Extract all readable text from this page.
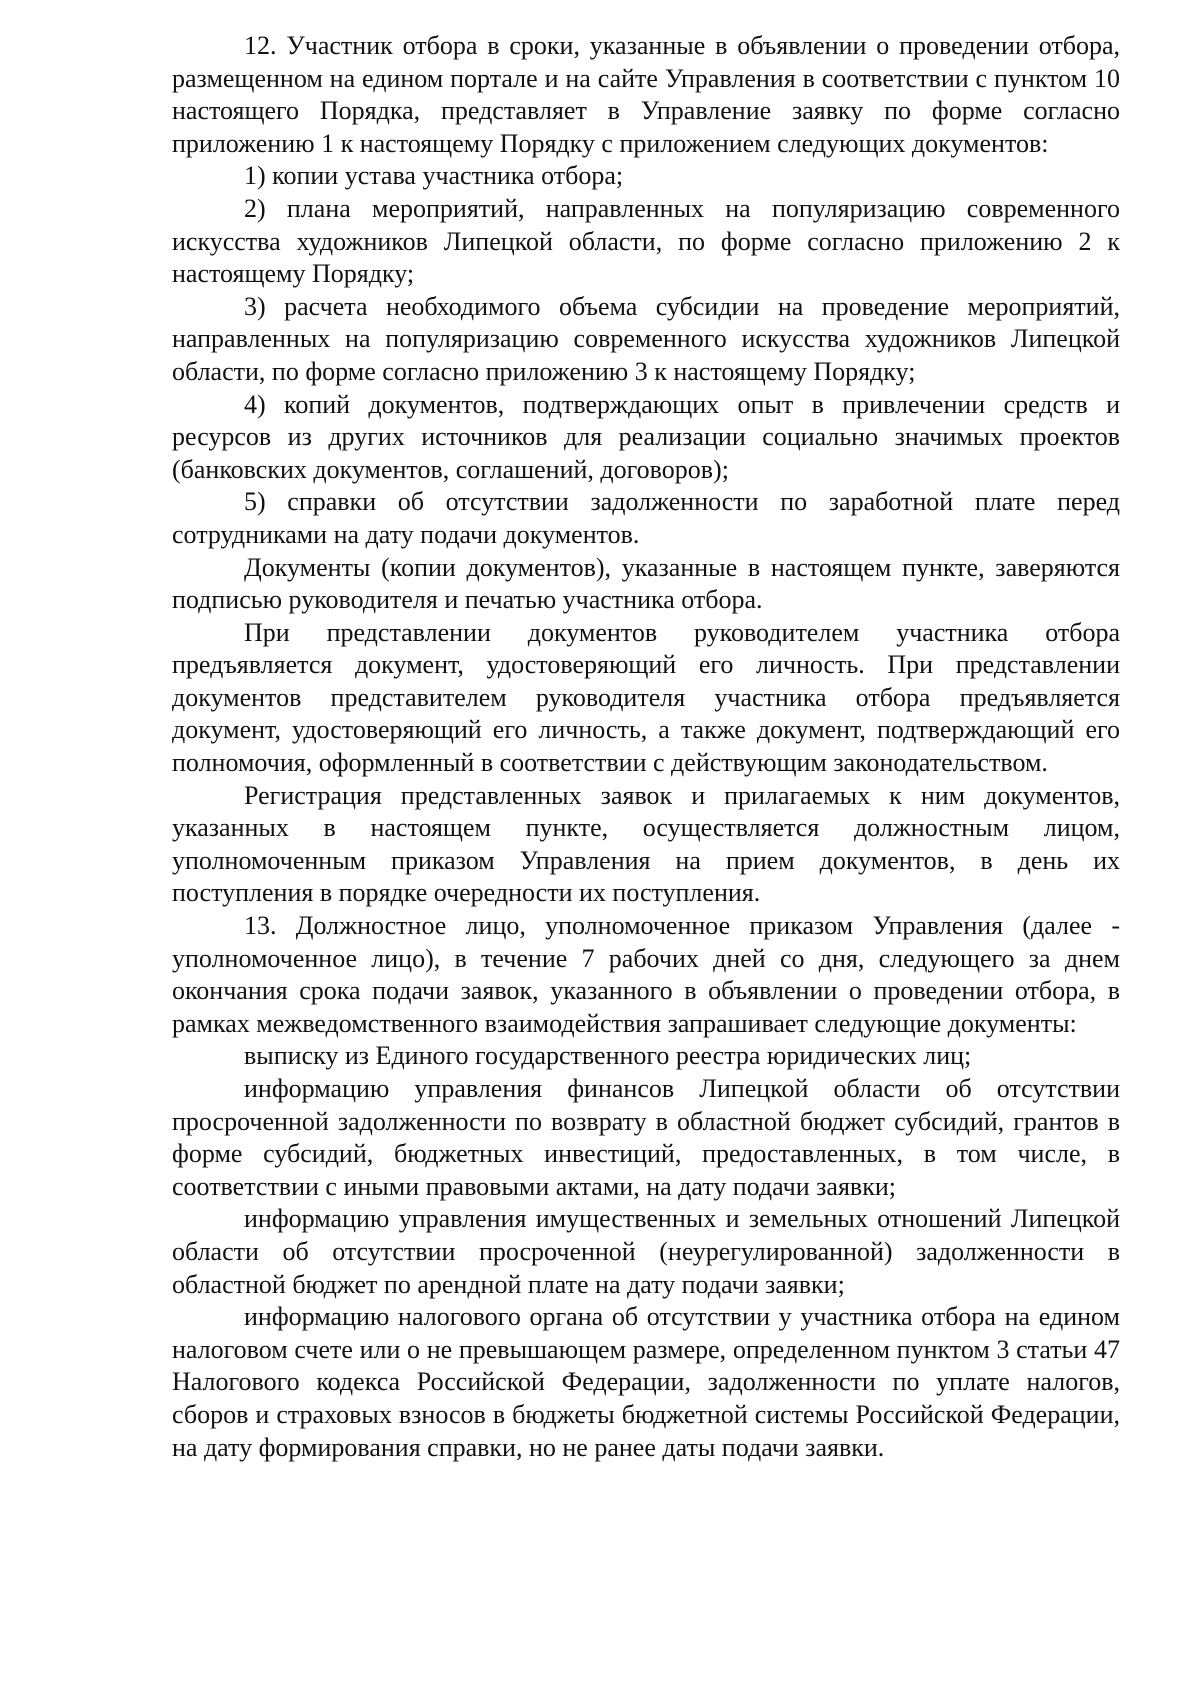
12. Участник отбора в сроки, указанные в объявлении о проведении отбора, размещенном на едином портале и на сайте Управления в соответствии с пунктом 10 настоящего Порядка, представляет в Управление заявку по форме согласно приложению 1 к настоящему Порядку с приложением следующих документов:

1) копии устава участника отбора;

2) плана мероприятий, направленных на популяризацию современного искусства художников Липецкой области, по форме согласно приложению 2 к настоящему Порядку;

3) расчета необходимого объема субсидии на проведение мероприятий, направленных на популяризацию современного искусства художников Липецкой области, по форме согласно приложению 3 к настоящему Порядку;

4) копий документов, подтверждающих опыт в привлечении средств и ресурсов из других источников для реализации социально значимых проектов (банковских документов, соглашений, договоров);

5) справки об отсутствии задолженности по заработной плате перед сотрудниками на дату подачи документов.

Документы (копии документов), указанные в настоящем пункте, заверяются подписью руководителя и печатью участника отбора.

При представлении документов руководителем участника отбора предъявляется документ, удостоверяющий его личность. При представлении документов представителем руководителя участника отбора предъявляется документ, удостоверяющий его личность, а также документ, подтверждающий его полномочия, оформленный в соответствии с действующим законодательством.

Регистрация представленных заявок и прилагаемых к ним документов, указанных в настоящем пункте, осуществляется должностным лицом, уполномоченным приказом Управления на прием документов, в день их поступления в порядке очередности их поступления.

13. Должностное лицо, уполномоченное приказом Управления (далее - уполномоченное лицо), в течение 7 рабочих дней со дня, следующего за днем окончания срока подачи заявок, указанного в объявлении о проведении отбора, в рамках межведомственного взаимодействия запрашивает следующие документы:

выписку из Единого государственного реестра юридических лиц;

информацию управления финансов Липецкой области об отсутствии просроченной задолженности по возврату в областной бюджет субсидий, грантов в форме субсидий, бюджетных инвестиций, предоставленных, в том числе, в соответствии с иными правовыми актами, на дату подачи заявки;

информацию управления имущественных и земельных отношений Липецкой области об отсутствии просроченной (неурегулированной) задолженности в областной бюджет по арендной плате на дату подачи заявки;

информацию налогового органа об отсутствии у участника отбора на едином налоговом счете или о не превышающем размере, определенном пунктом 3 статьи 47 Налогового кодекса Российской Федерации, задолженности по уплате налогов, сборов и страховых взносов в бюджеты бюджетной системы Российской Федерации, на дату формирования справки, но не ранее даты подачи заявки.
